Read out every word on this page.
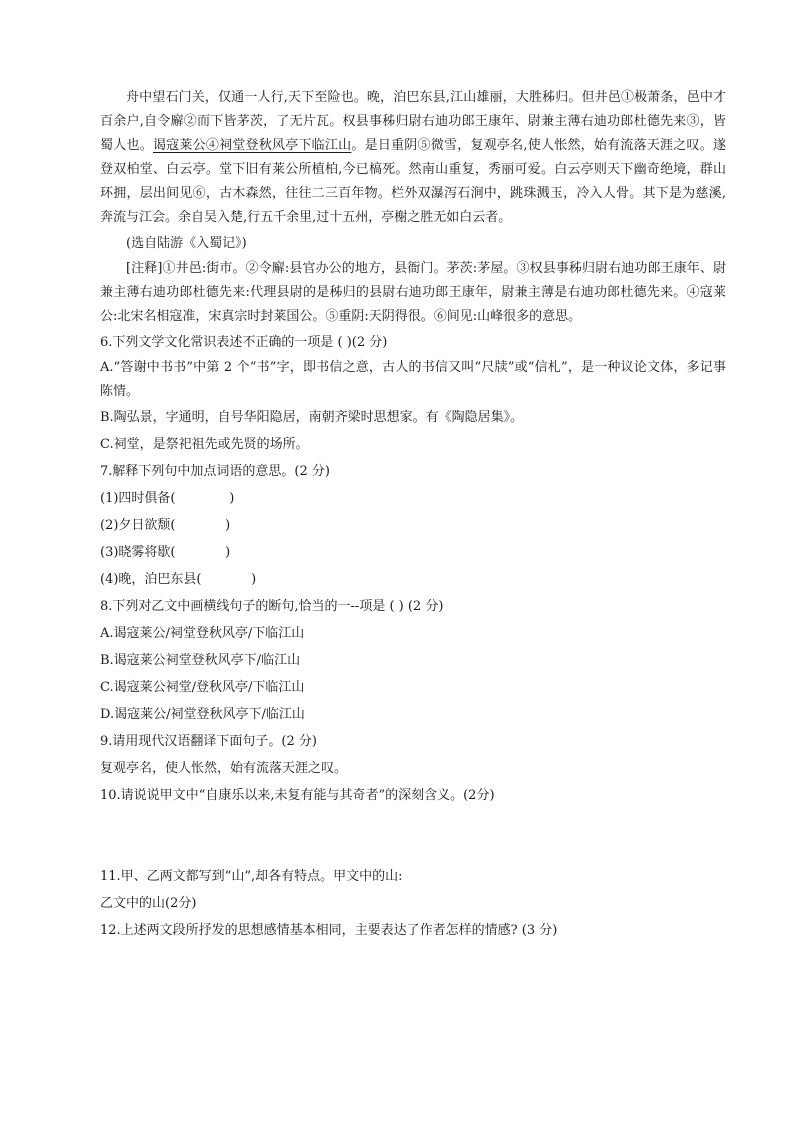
舟中望石门关，仅通一人行,天下至险也。晚，泊巴东县,江山雄丽，大胜秭归。但井邑①极萧条，邑中才百余户,自令廨②而下皆茅茨，了无片瓦。权县事秭归尉右迪功郎王康年、尉兼主薄右迪功郎杜德先来③，皆蜀人也。谒寇莱公④祠堂登秋风亭下临江山。是日重阴⑤微雪，复观亭名,使人怅然，始有流落天涯之叹。遂登双柏堂、白云亭。堂下旧有莱公所植柏,今已槁死。然南山重复，秀丽可爱。白云亭则天下幽奇绝境，群山环拥，层出间见⑥，古木森然，往往二三百年物。栏外双瀑泻石涧中，跳珠溅玉，冷入人骨。其下是为慈溪,奔流与江会。余自吴入楚,行五千余里,过十五州，亭榭之胜无如白云者。

(选自陆游《入蜀记》)

[注释]①井邑:街市。②令廨:县官办公的地方，县衙门。茅茨:茅屋。③权县事秭归尉右迪功郎王康年、尉兼主薄右迪功郎杜德先来:代理县尉的是秭归的县尉右迪功郎王康年，尉兼主薄是右迪功郎杜德先来。④寇莱公:北宋名相寇准，宋真宗时封莱国公。⑤重阴:天阴得很。⑥间见:山峰很多的意思。

6.下列文学文化常识表述不正确的一项是 ( )(2 分)

A.“答谢中书书”中第 2 个“书”字，即书信之意，古人的书信又叫“尺牍”或“信札”，是一种议论文体，多记事陈情。

B.陶弘景，字通明，自号华阳隐居，南朝齐梁时思想家。有《陶隐居集》。

C.祠堂，是祭祀祖先或先贤的场所。

7.解释下列句中加点词语的意思。(2 分)

(1)四时俱备(             )

(2)夕日欲颓(            )

(3)晓雾将歇(            )

(4)晚，泊巴东县(            )

8.下列对乙文中画横线句子的断句,恰当的一--项是 ( ) (2 分)

A.谒寇莱公/祠堂登秋风亭/下临江山

B.谒寇莱公祠堂登秋风亭下/临江山

C.谒寇莱公祠堂/登秋风亭/下临江山

D.谒寇莱公/祠堂登秋风亭下/临江山

9.请用现代汉语翻译下面句子。(2 分)

复观亭名，使人怅然，始有流落天涯之叹。

10.请说说甲文中“自康乐以来,未复有能与其奇者”的深刻含义。(2分)

11.甲、乙两文都写到“山”,却各有特点。甲文中的山:

乙文中的山(2分)

12.上述两文段所抒发的思想感情基本相同，主要表达了作者怎样的情感? (3 分)
